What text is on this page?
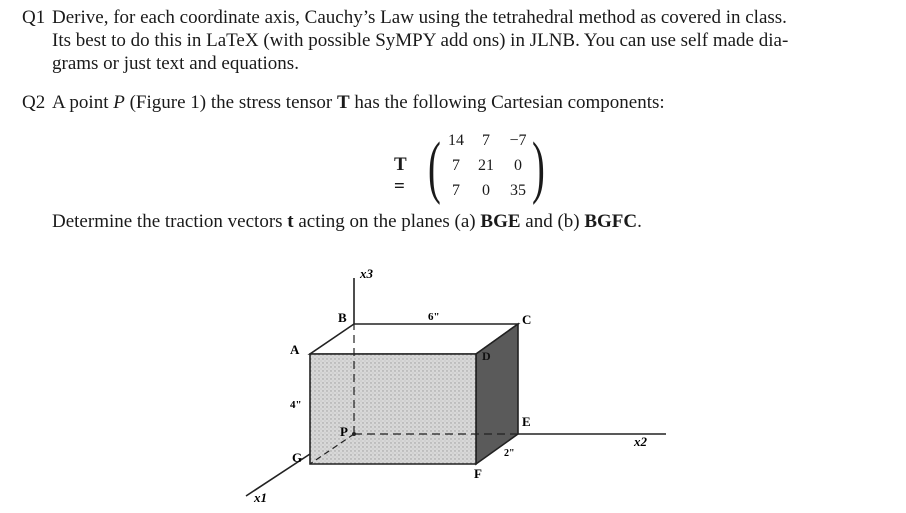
Q1 Derive, for each coordinate axis, Cauchy’s Law using the tetrahedral method as covered in class.
Its best to do this in LaTeX (with possible SyMPY add ons) in JLNB. You can use self made dia-
grams or just text and equations.
Q2 A point P (Figure 1) the stress tensor T has the following Cartesian components:
T = ( 14	7	−7
7	21	0
7	0	35 )
Determine the traction vectors t acting on the planes (a) BGE and (b) BGFC.
x3
x2
x1
B	C
A	D
E
F
G
P
6"
4"
2"
